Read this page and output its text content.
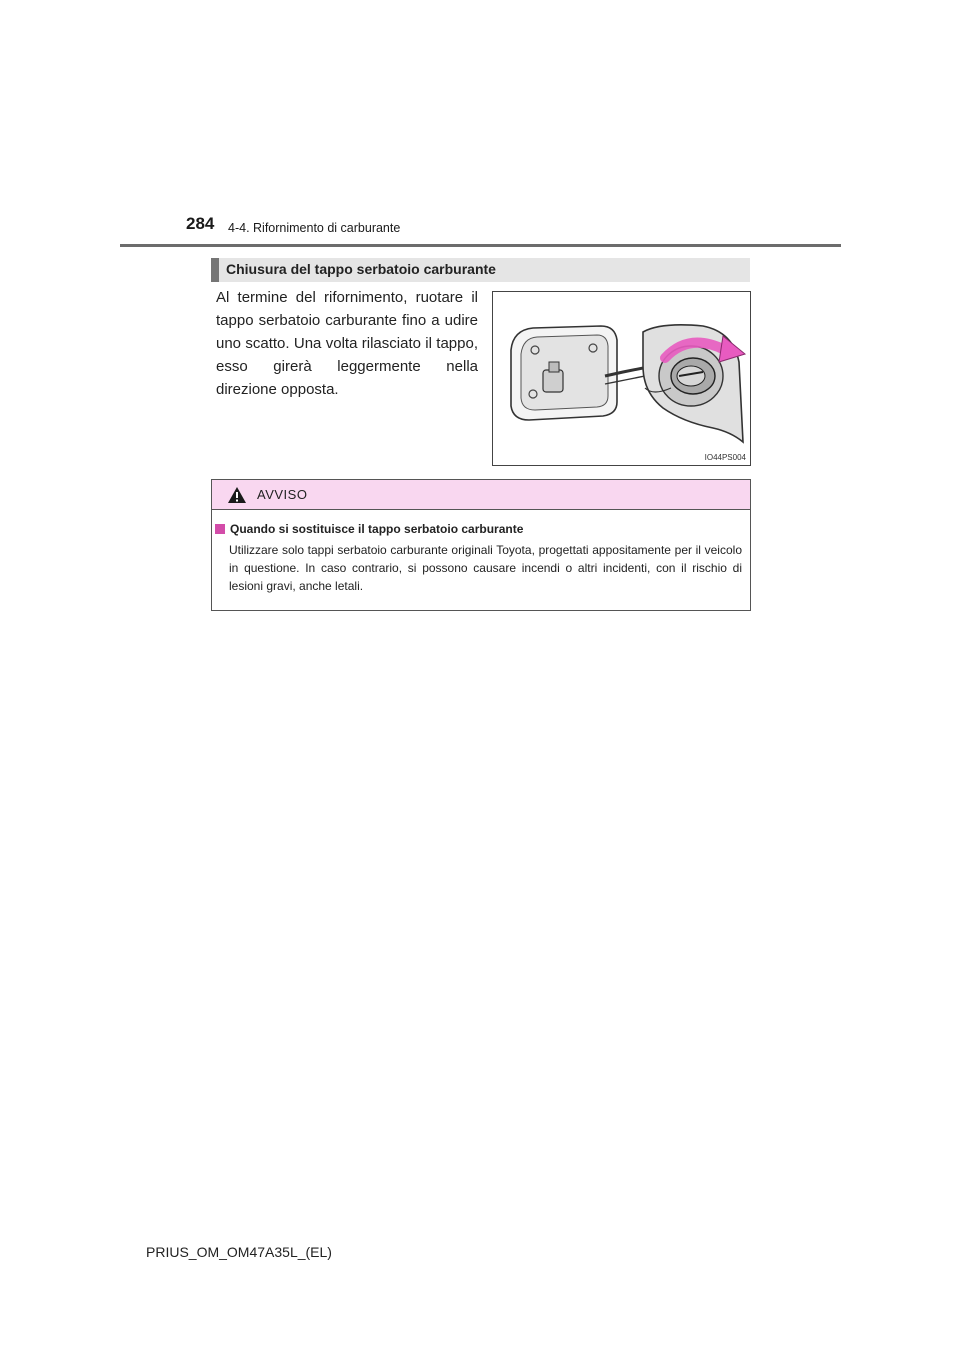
284 4-4. Rifornimento di carburante
Chiusura del tappo serbatoio carburante
Al termine del rifornimento, ruotare il tappo serbatoio carburante fino a udire uno scatto. Una volta rilasciato il tappo, esso girerà leggermente nella direzione opposta.
IO44PS004
AVVISO
Quando si sostituisce il tappo serbatoio carburante
Utilizzare solo tappi serbatoio carburante originali Toyota, progettati appositamente per il veicolo in questione. In caso contrario, si possono causare incendi o altri incidenti, con il rischio di lesioni gravi, anche letali.
PRIUS_OM_OM47A35L_(EL)
